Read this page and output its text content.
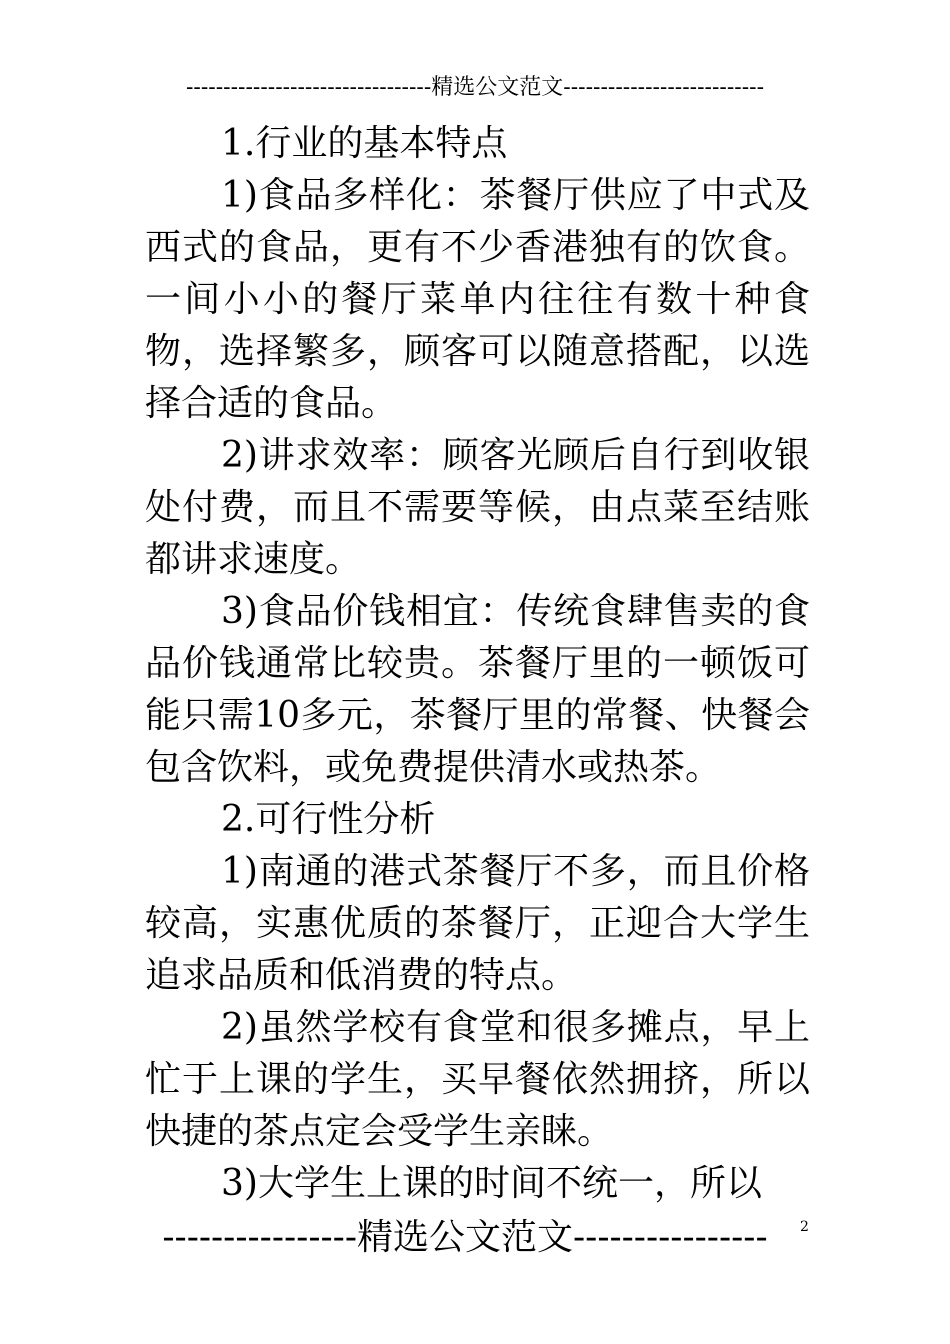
---------------------------------精选公文范文---------------------------

1.行业的基本特点

1)食品多样化：茶餐厅供应了中式及西式的食品，更有不少香港独有的饮食。一间小小的餐厅菜单内往往有数十种食物，选择繁多，顾客可以随意搭配，以选择合适的食品。

2)讲求效率：顾客光顾后自行到收银处付费，而且不需要等候，由点菜至结账都讲求速度。

3)食品价钱相宜：传统食肆售卖的食品价钱通常比较贵。茶餐厅里的一顿饭可能只需10多元，茶餐厅里的常餐、快餐会包含饮料，或免费提供清水或热茶。

2.可行性分析

1)南通的港式茶餐厅不多，而且价格较高，实惠优质的茶餐厅，正迎合大学生追求品质和低消费的特点。

2)虽然学校有食堂和很多摊点，早上忙于上课的学生，买早餐依然拥挤，所以快捷的茶点定会受学生亲睐。

3)大学生上课的时间不统一，所以

----------------精选公文范文----------------	2
